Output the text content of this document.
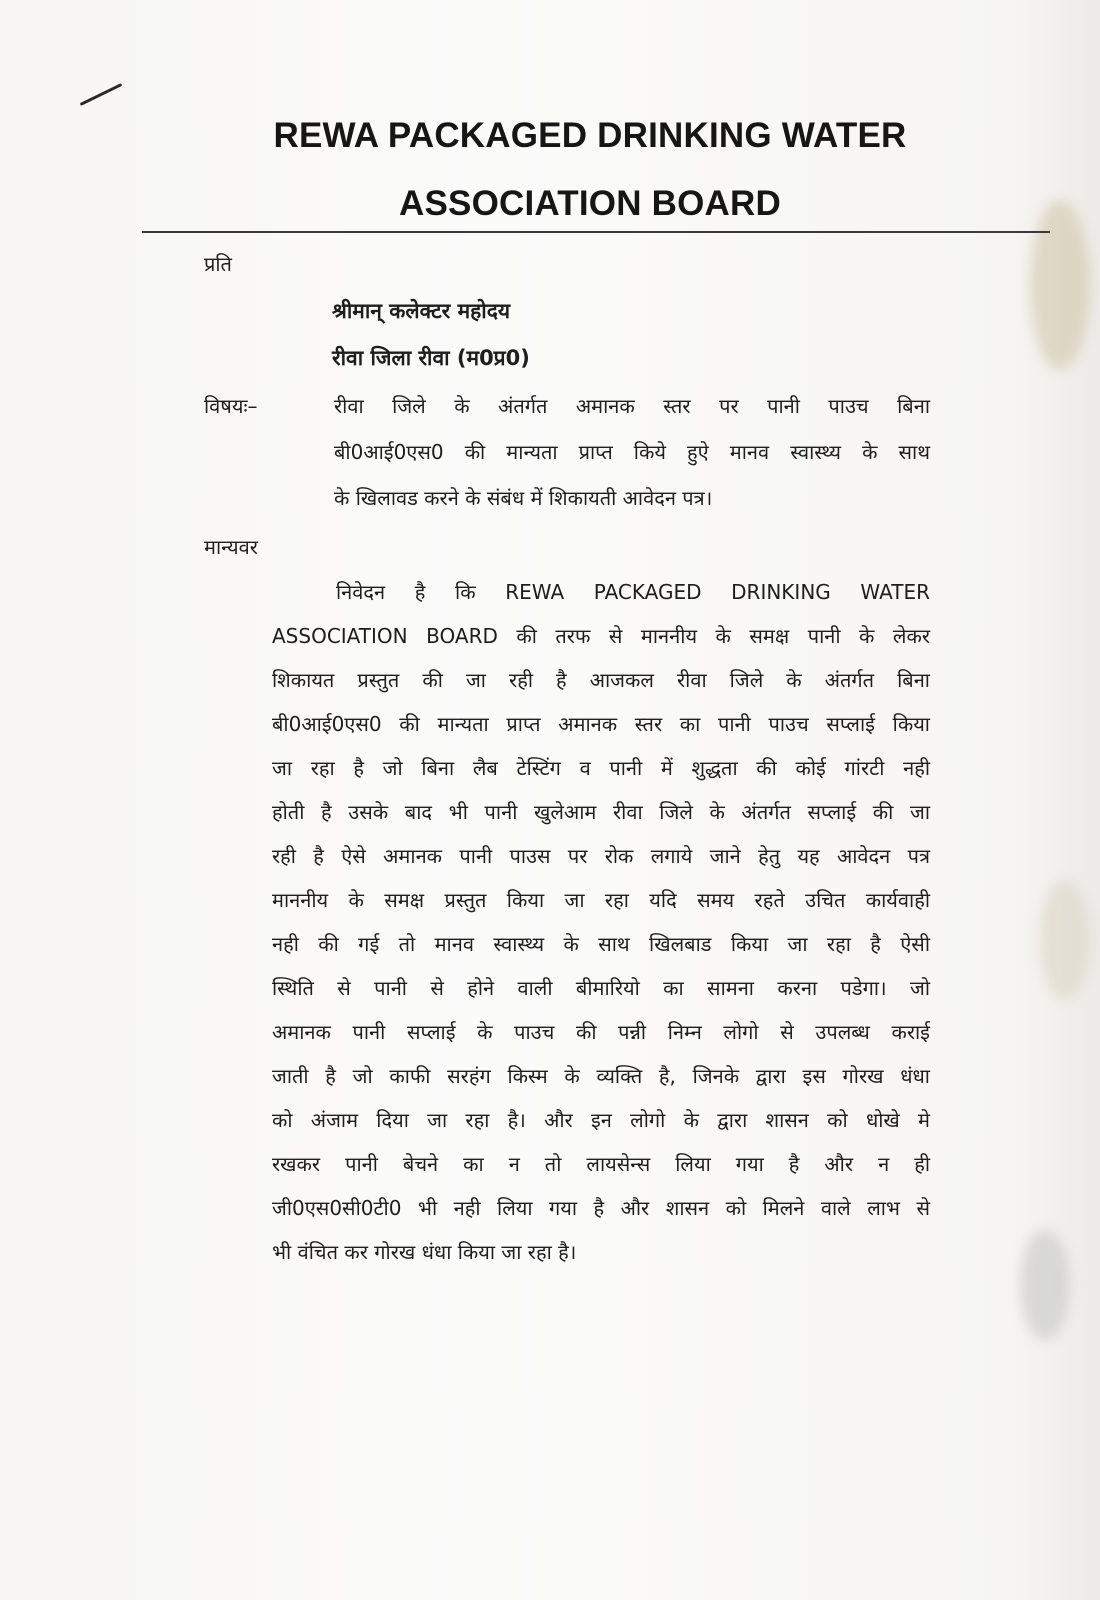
REWA PACKAGED DRINKING WATER
ASSOCIATION BOARD
प्रति
श्रीमान् कलेक्टर महोदय
रीवा जिला रीवा (म0प्र0)
विषयः–	रीवा जिले के अंतर्गत अमानक स्तर पर पानी पाउच बिना
बी0आई0एस0 की मान्यता प्राप्त किये हुऐ मानव स्वास्थ्य के साथ
के खिलावड करने के संबंध में शिकायती आवेदन पत्र।
मान्यवर
निवेदन है कि REWA PACKAGED DRINKING WATER
ASSOCIATION BOARD की तरफ से माननीय के समक्ष पानी के लेकर
शिकायत प्रस्तुत की जा रही है आजकल रीवा जिले के अंतर्गत बिना
बी0आई0एस0 की मान्यता प्राप्त अमानक स्तर का पानी पाउच सप्लाई किया
जा रहा है जो बिना लैब टेस्टिंग व पानी में शुद्धता की कोई गांरटी नही
होती है उसके बाद भी पानी खुलेआम रीवा जिले के अंतर्गत सप्लाई की जा
रही है ऐसे अमानक पानी पाउस पर रोक लगाये जाने हेतु यह आवेदन पत्र
माननीय के समक्ष प्रस्तुत किया जा रहा यदि समय रहते उचित कार्यवाही
नही की गई तो मानव स्वास्थ्य के साथ खिलबाड किया जा रहा है ऐसी
स्थिति से पानी से होने वाली बीमारियो का सामना करना पडेगा। जो
अमानक पानी सप्लाई के पाउच की पन्नी निम्न लोगो से उपलब्ध कराई
जाती है जो काफी सरहंग किस्म के व्यक्ति है, जिनके द्वारा इस गोरख धंधा
को अंजाम दिया जा रहा है। और इन लोगो के द्वारा शासन को धोखे मे
रखकर पानी बेचने का न तो लायसेन्स लिया गया है और न ही
जी0एस0सी0टी0 भी नही लिया गया है और शासन को मिलने वाले लाभ से
भी वंचित कर गोरख धंधा किया जा रहा है।
